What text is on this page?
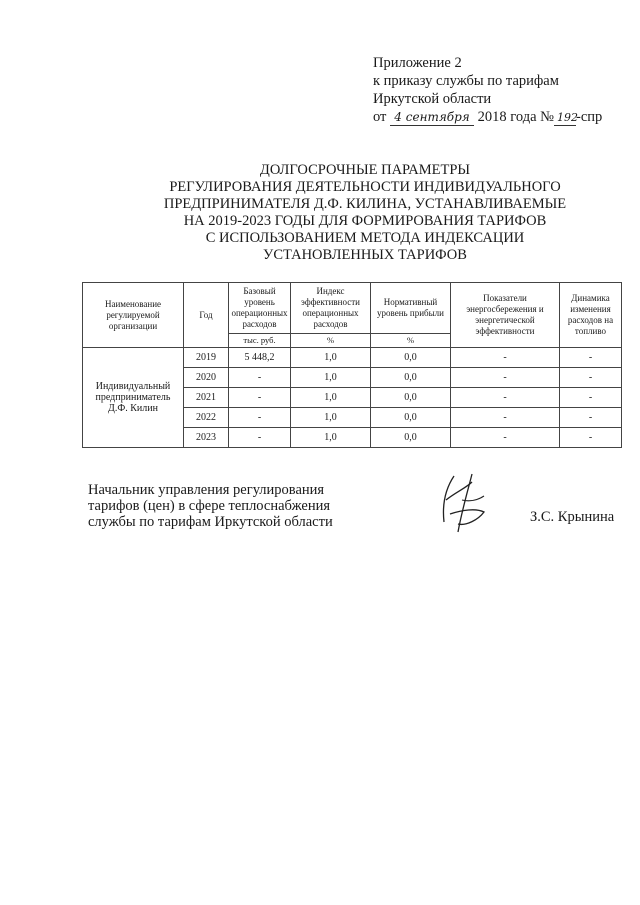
Приложение 2
к приказу службы по тарифам
Иркутской области
от 4 сентября 2018 года № 192-спр
ДОЛГОСРОЧНЫЕ ПАРАМЕТРЫ
РЕГУЛИРОВАНИЯ ДЕЯТЕЛЬНОСТИ ИНДИВИДУАЛЬНОГО
ПРЕДПРИНИМАТЕЛЯ Д.Ф. КИЛИНА, УСТАНАВЛИВАЕМЫЕ
НА 2019-2023 ГОДЫ ДЛЯ ФОРМИРОВАНИЯ ТАРИФОВ
С ИСПОЛЬЗОВАНИЕМ МЕТОДА ИНДЕКСАЦИИ
УСТАНОВЛЕННЫХ ТАРИФОВ
Наименование регулируемой организации	Год	Базовый уровень операционных расходов	Индекс эффективности операционных расходов	Нормативный уровень прибыли	Показатели энергосбережения и энергетической эффективности	Динамика изменения расходов на топливо
		тыс. руб.	%	%		
Индивидуальный предприниматель Д.Ф. Килин	2019	5 448,2	1,0	0,0	-	-
	2020	-	1,0	0,0	-	-
	2021	-	1,0	0,0	-	-
	2022	-	1,0	0,0	-	-
	2023	-	1,0	0,0	-	-
Начальник управления регулирования
тарифов (цен) в сфере теплоснабжения
службы по тарифам Иркутской области	З.С. Крынина
